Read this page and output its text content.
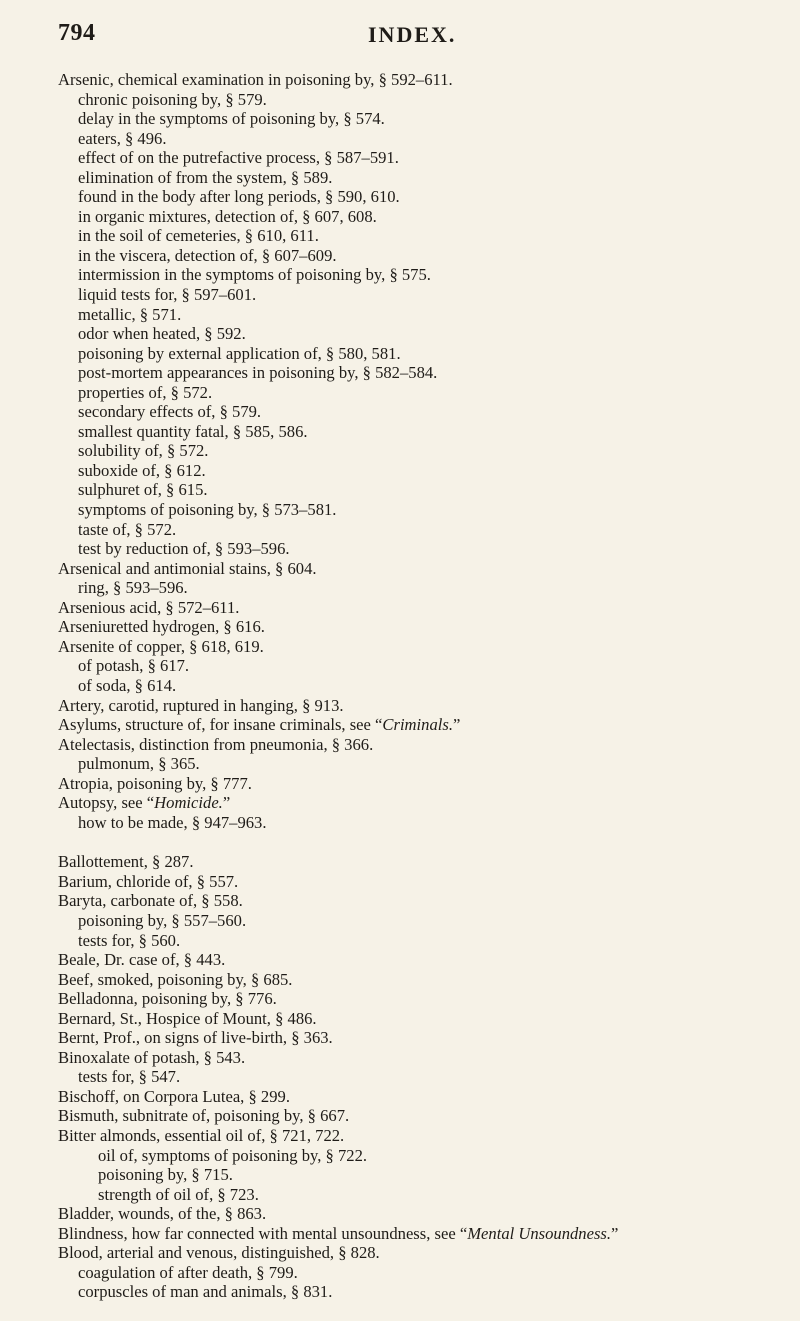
794	INDEX.
Arsenic, chemical examination in poisoning by, § 592–611.
chronic poisoning by, § 579.
delay in the symptoms of poisoning by, § 574.
eaters, § 496.
effect of on the putrefactive process, § 587–591.
elimination of from the system, § 589.
found in the body after long periods, § 590, 610.
in organic mixtures, detection of, § 607, 608.
in the soil of cemeteries, § 610, 611.
in the viscera, detection of, § 607–609.
intermission in the symptoms of poisoning by, § 575.
liquid tests for, § 597–601.
metallic, § 571.
odor when heated, § 592.
poisoning by external application of, § 580, 581.
post-mortem appearances in poisoning by, § 582–584.
properties of, § 572.
secondary effects of, § 579.
smallest quantity fatal, § 585, 586.
solubility of, § 572.
suboxide of, § 612.
sulphuret of, § 615.
symptoms of poisoning by, § 573–581.
taste of, § 572.
test by reduction of, § 593–596.
Arsenical and antimonial stains, § 604.
ring, § 593–596.
Arsenious acid, § 572–611.
Arseniuretted hydrogen, § 616.
Arsenite of copper, § 618, 619.
of potash, § 617.
of soda, § 614.
Artery, carotid, ruptured in hanging, § 913.
Asylums, structure of, for insane criminals, see “Criminals.”
Atelectasis, distinction from pneumonia, § 366.
pulmonum, § 365.
Atropia, poisoning by, § 777.
Autopsy, see “Homicide.”
how to be made, § 947–963.
Ballottement, § 287.
Barium, chloride of, § 557.
Baryta, carbonate of, § 558.
poisoning by, § 557–560.
tests for, § 560.
Beale, Dr. case of, § 443.
Beef, smoked, poisoning by, § 685.
Belladonna, poisoning by, § 776.
Bernard, St., Hospice of Mount, § 486.
Bernt, Prof., on signs of live-birth, § 363.
Binoxalate of potash, § 543.
tests for, § 547.
Bischoff, on Corpora Lutea, § 299.
Bismuth, subnitrate of, poisoning by, § 667.
Bitter almonds, essential oil of, § 721, 722.
oil of, symptoms of poisoning by, § 722.
poisoning by, § 715.
strength of oil of, § 723.
Bladder, wounds, of the, § 863.
Blindness, how far connected with mental unsoundness, see “Mental Unsoundness.”
Blood, arterial and venous, distinguished, § 828.
coagulation of after death, § 799.
corpuscles of man and animals, § 831.
